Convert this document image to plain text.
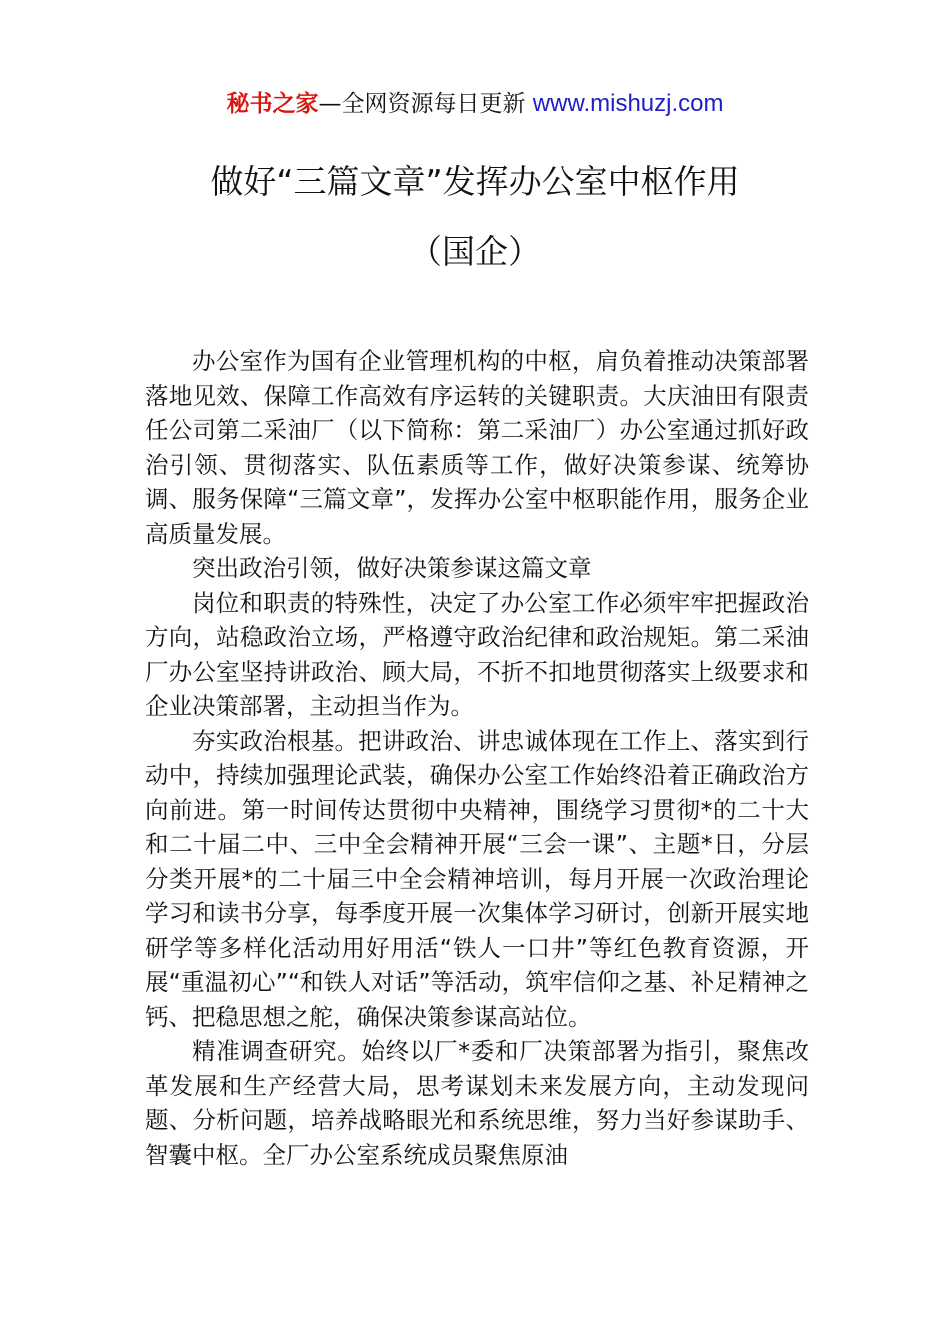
秘书之家—全网资源每日更新 www.mishuzj.com
做好“三篇文章”发挥办公室中枢作用
（国企）

办公室作为国有企业管理机构的中枢，肩负着推动决策部署落地见效、保障工作高效有序运转的关键职责。大庆油田有限责任公司第二采油厂（以下简称：第二采油厂）办公室通过抓好政治引领、贯彻落实、队伍素质等工作，做好决策参谋、统筹协调、服务保障“三篇文章”，发挥办公室中枢职能作用，服务企业高质量发展。

突出政治引领，做好决策参谋这篇文章

岗位和职责的特殊性，决定了办公室工作必须牢牢把握政治方向，站稳政治立场，严格遵守政治纪律和政治规矩。第二采油厂办公室坚持讲政治、顾大局，不折不扣地贯彻落实上级要求和企业决策部署，主动担当作为。

夯实政治根基。把讲政治、讲忠诚体现在工作上、落实到行动中，持续加强理论武装，确保办公室工作始终沿着正确政治方向前进。第一时间传达贯彻中央精神，围绕学习贯彻*的二十大和二十届二中、三中全会精神开展“三会一课”、主题*日，分层分类开展*的二十届三中全会精神培训，每月开展一次政治理论学习和读书分享，每季度开展一次集体学习研讨，创新开展实地研学等多样化活动用好用活“铁人一口井”等红色教育资源，开展“重温初心”“和铁人对话”等活动，筑牢信仰之基、补足精神之钙、把稳思想之舵，确保决策参谋高站位。

精准调查研究。始终以厂*委和厂决策部署为指引，聚焦改革发展和生产经营大局，思考谋划未来发展方向，主动发现问题、分析问题，培养战略眼光和系统思维，努力当好参谋助手、智囊中枢。全厂办公室系统成员聚焦原油
